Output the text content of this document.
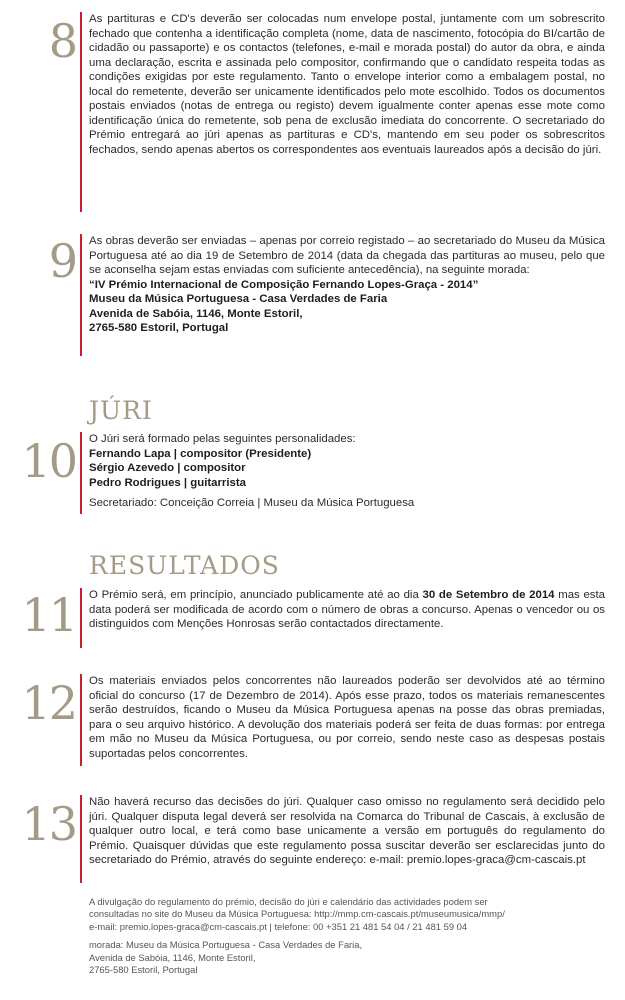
8 As partituras e CD's deverão ser colocadas num envelope postal, juntamente com um sobrescrito fechado que contenha a identificação completa (nome, data de nascimento, fotocópia do BI/cartão de cidadão ou passaporte) e os contactos (telefones, e-mail e morada postal) do autor da obra, e ainda uma declaração, escrita e assinada pelo compositor, confirmando que o candidato respeita todas as condições exigidas por este regulamento. Tanto o envelope interior como a embalagem postal, no local do remetente, deverão ser unicamente identificados pelo mote escolhido. Todos os documentos postais enviados (notas de entrega ou registo) devem igualmente conter apenas esse mote como identificação única do remetente, sob pena de exclusão imediata do concorrente. O secretariado do Prémio entregará ao júri apenas as partituras e CD's, mantendo em seu poder os sobrescritos fechados, sendo apenas abertos os correspondentes aos eventuais laureados após a decisão do júri.

9 As obras deverão ser enviadas – apenas por correio registado – ao secretariado do Museu da Música Portuguesa até ao dia 19 de Setembro de 2014 (data da chegada das partituras ao museu, pelo que se aconselha sejam estas enviadas com suficiente antecedência), na seguinte morada:

“IV Prémio Internacional de Composição Fernando Lopes-Graça - 2014”
Museu da Música Portuguesa - Casa Verdades de Faria
Avenida de Sabóia, 1146, Monte Estoril,
2765-580 Estoril, Portugal
JÚRI
10 O Júri será formado pelas seguintes personalidades:
Fernando Lapa | compositor (Presidente)
Sérgio Azevedo | compositor
Pedro Rodrigues | guitarrista
Secretariado: Conceição Correia | Museu da Música Portuguesa
RESULTADOS
11 O Prémio será, em princípio, anunciado publicamente até ao dia 30 de Setembro de 2014 mas esta data poderá ser modificada de acordo com o número de obras a concurso. Apenas o vencedor ou os distinguidos com Menções Honrosas serão contactados directamente.

12 Os materiais enviados pelos concorrentes não laureados poderão ser devolvidos até ao término oficial do concurso (17 de Dezembro de 2014). Após esse prazo, todos os materiais remanescentes serão destruídos, ficando o Museu da Música Portuguesa apenas na posse das obras premiadas, para o seu arquivo histórico. A devolução dos materiais poderá ser feita de duas formas: por entrega em mão no Museu da Música Portuguesa, ou por correio, sendo neste caso as despesas postais suportadas pelos concorrentes.

13 Não haverá recurso das decisões do júri. Qualquer caso omisso no regulamento será decidido pelo júri. Qualquer disputa legal deverá ser resolvida na Comarca do Tribunal de Cascais, à exclusão de qualquer outro local, e terá como base unicamente a versão em português do regulamento do Prémio. Quaisquer dúvidas que este regulamento possa suscitar deverão ser esclarecidas junto do secretariado do Prémio, através do seguinte endereço: e-mail: premio.lopes-graca@cm-cascais.pt

A divulgação do regulamento do prémio, decisão do júri e calendário das actividades podem ser

consultadas no site do Museu da Música Portuguesa: http://mmp.cm-cascais.pt/museumusica/mmp/

e-mail: premio.lopes-graca@cm-cascais.pt | telefone: 00 +351 21 481 54 04 / 21 481 59 04

morada: Museu da Música Portuguesa - Casa Verdades de Faria,

Avenida de Sabóia, 1146, Monte Estoril,

2765-580 Estoril, Portugal
